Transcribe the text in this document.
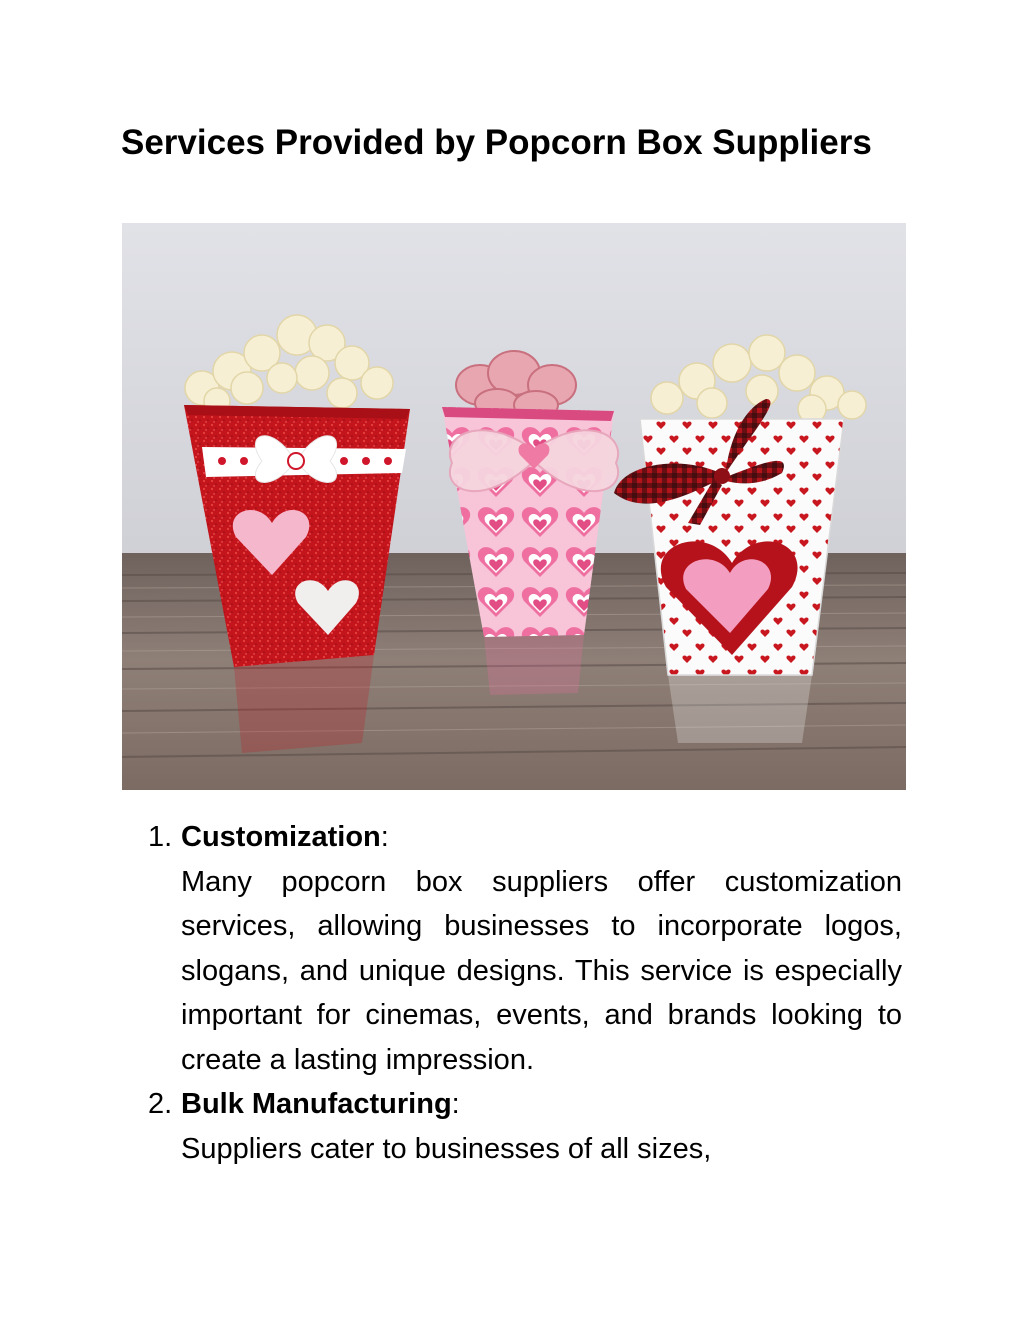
Services Provided by Popcorn Box Suppliers
1. Customization:
Many popcorn box suppliers offer customization services, allowing businesses to incorporate logos, slogans, and unique designs. This service is especially important for cinemas, events, and brands looking to create a lasting impression.
2. Bulk Manufacturing:
Suppliers cater to businesses of all sizes,
